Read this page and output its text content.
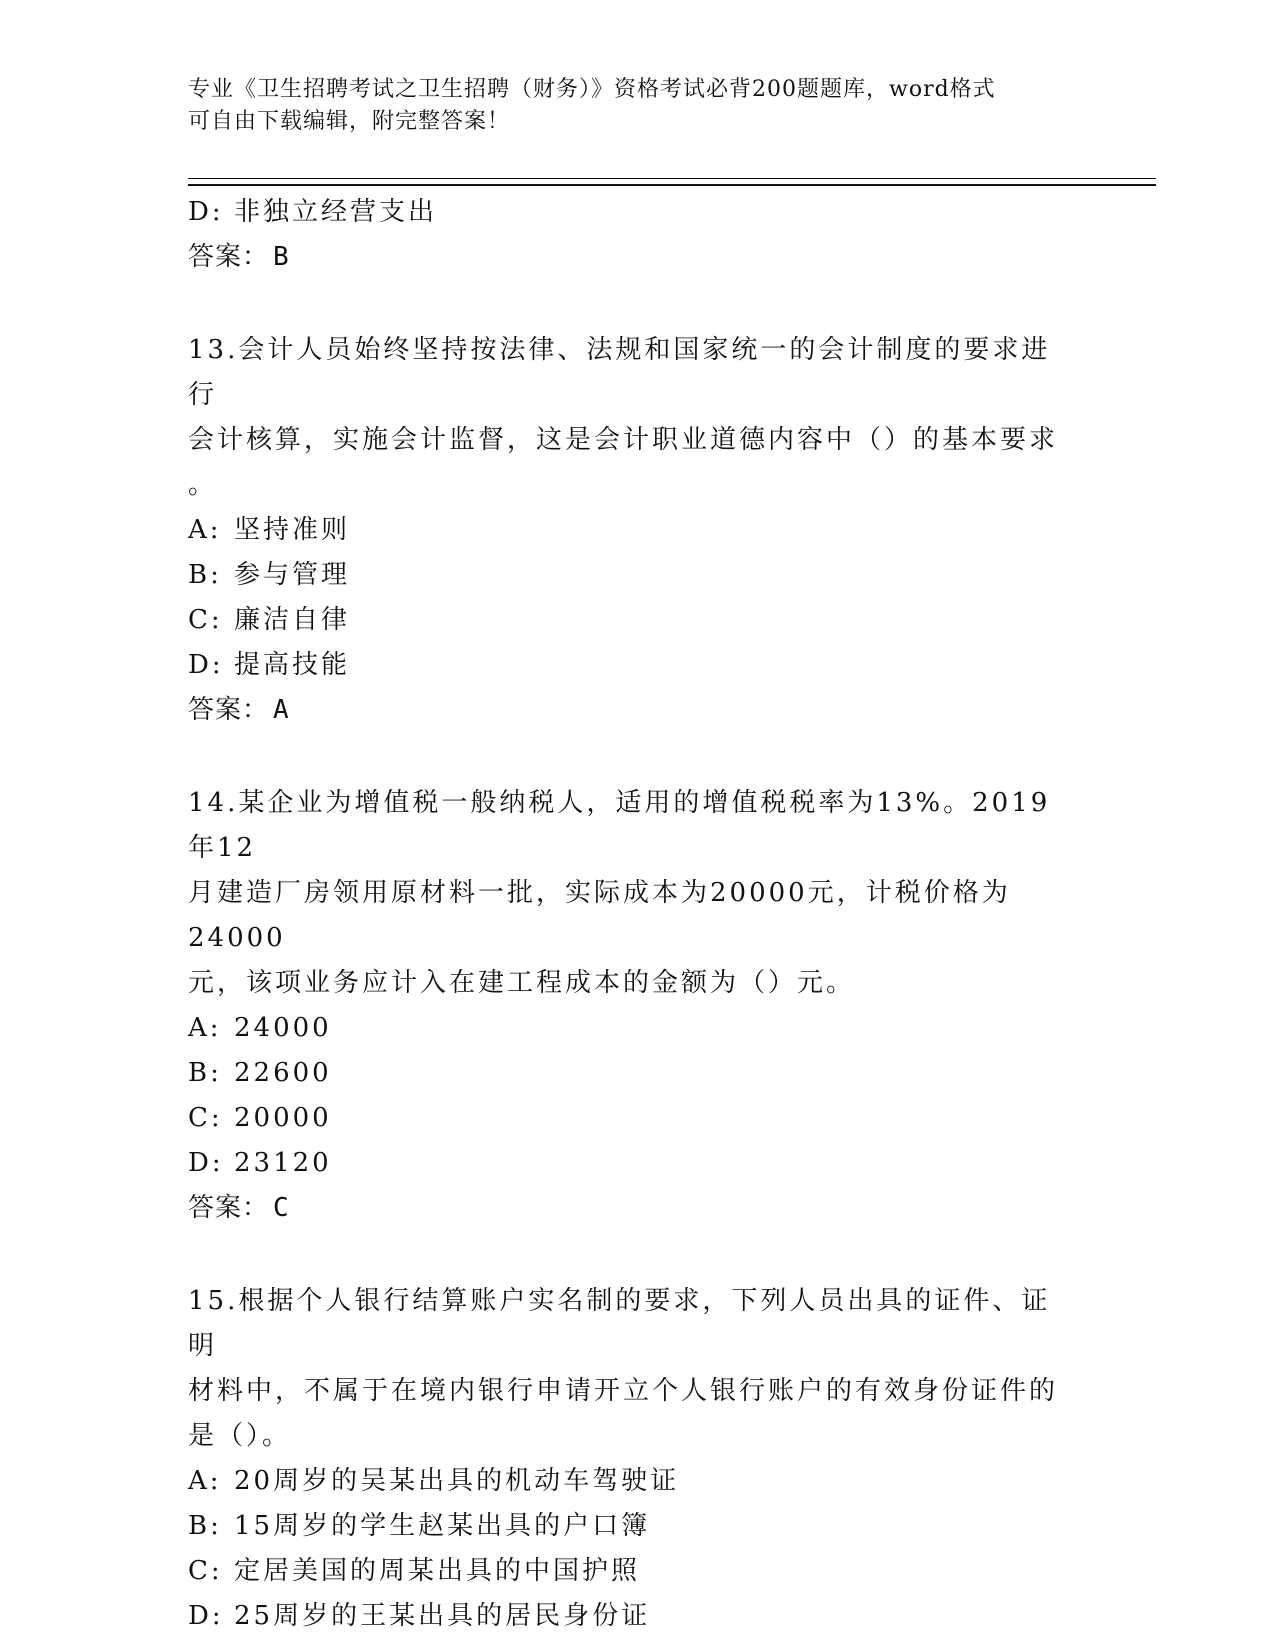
专业《卫生招聘考试之卫生招聘（财务）》资格考试必背200题题库，word格式
可自由下载编辑，附完整答案！
D: 非独立经营支出
答案： B
13.会计人员始终坚持按法律、法规和国家统一的会计制度的要求进行
会计核算，实施会计监督，这是会计职业道德内容中（）的基本要求
。
A: 坚持准则
B: 参与管理
C: 廉洁自律
D: 提高技能
答案： A
14.某企业为增值税一般纳税人，适用的增值税税率为13%。2019年12
月建造厂房领用原材料一批，实际成本为20000元，计税价格为24000
元，该项业务应计入在建工程成本的金额为（）元。
A: 24000
B: 22600
C: 20000
D: 23120
答案： C
15.根据个人银行结算账户实名制的要求，下列人员出具的证件、证明
材料中，不属于在境内银行申请开立个人银行账户的有效身份证件的
是（）。
A: 20周岁的吴某出具的机动车驾驶证
B: 15周岁的学生赵某出具的户口簿
C: 定居美国的周某出具的中国护照
D: 25周岁的王某出具的居民身份证
